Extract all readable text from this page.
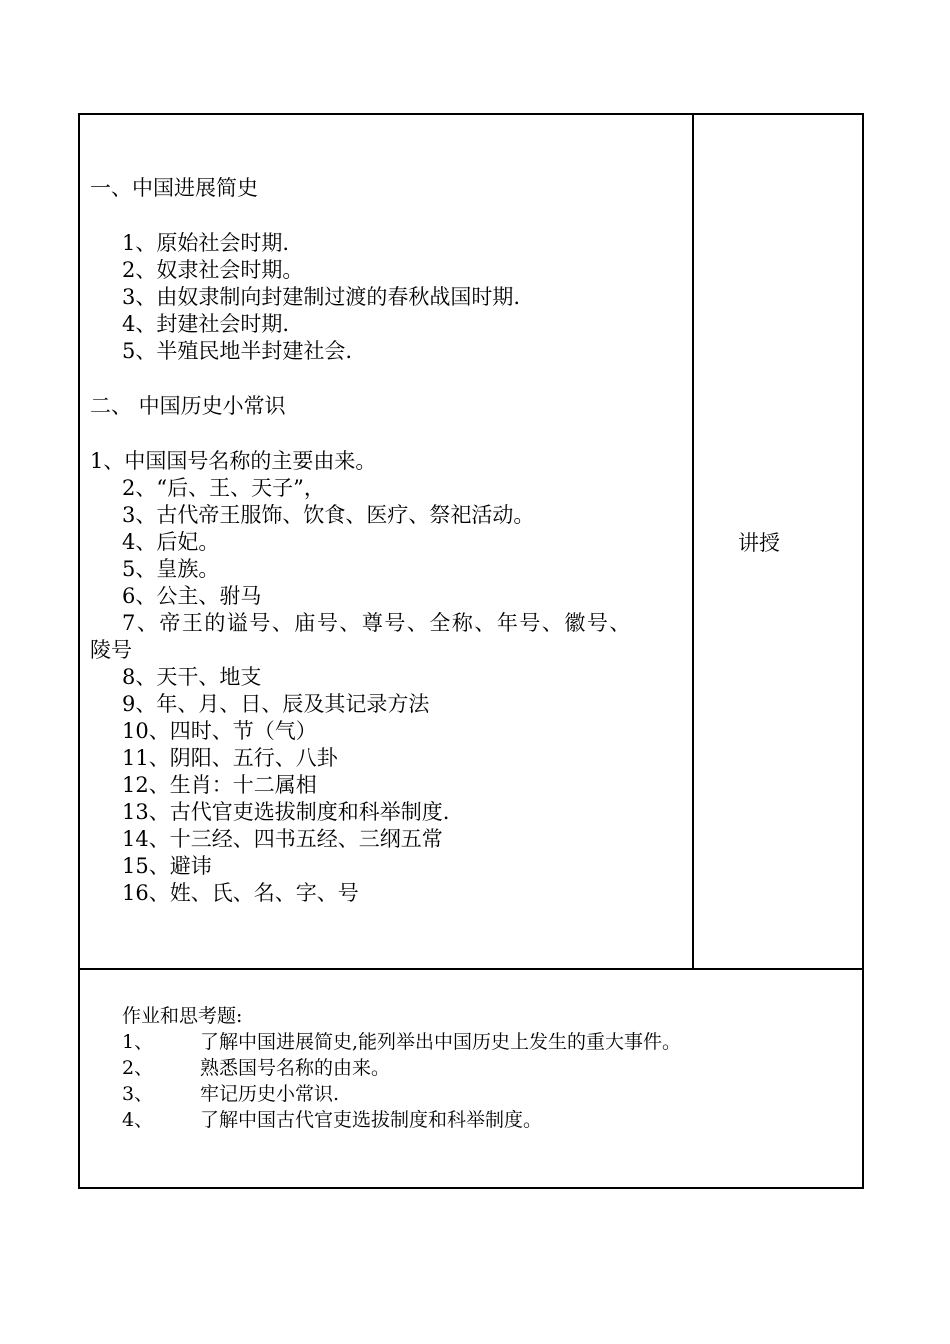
一、中国进展简史
1、原始社会时期.
2、奴隶社会时期。
3、由奴隶制向封建制过渡的春秋战国时期.
4、封建社会时期.
5、半殖民地半封建社会.
二、 中国历史小常识
1、中国国号名称的主要由来。
2、“后、王、天子”，
3、古代帝王服饰、饮食、医疗、祭祀活动。
4、后妃。
5、皇族。
6、公主、驸马
7、帝王的谥号、庙号、尊号、全称、年号、徽号、
陵号
8、天干、地支
9、年、月、日、辰及其记录方法
10、四时、节（气）
11、阴阳、五行、八卦
12、生肖：十二属相
13、古代官吏选拔制度和科举制度.
14、十三经、四书五经、三纲五常
15、避讳
16、姓、氏、名、字、号
讲授
作业和思考题:
1、 了解中国进展简史,能列举出中国历史上发生的重大事件。
2、 熟悉国号名称的由来。
3、 牢记历史小常识.
4、 了解中国古代官吏选拔制度和科举制度。
